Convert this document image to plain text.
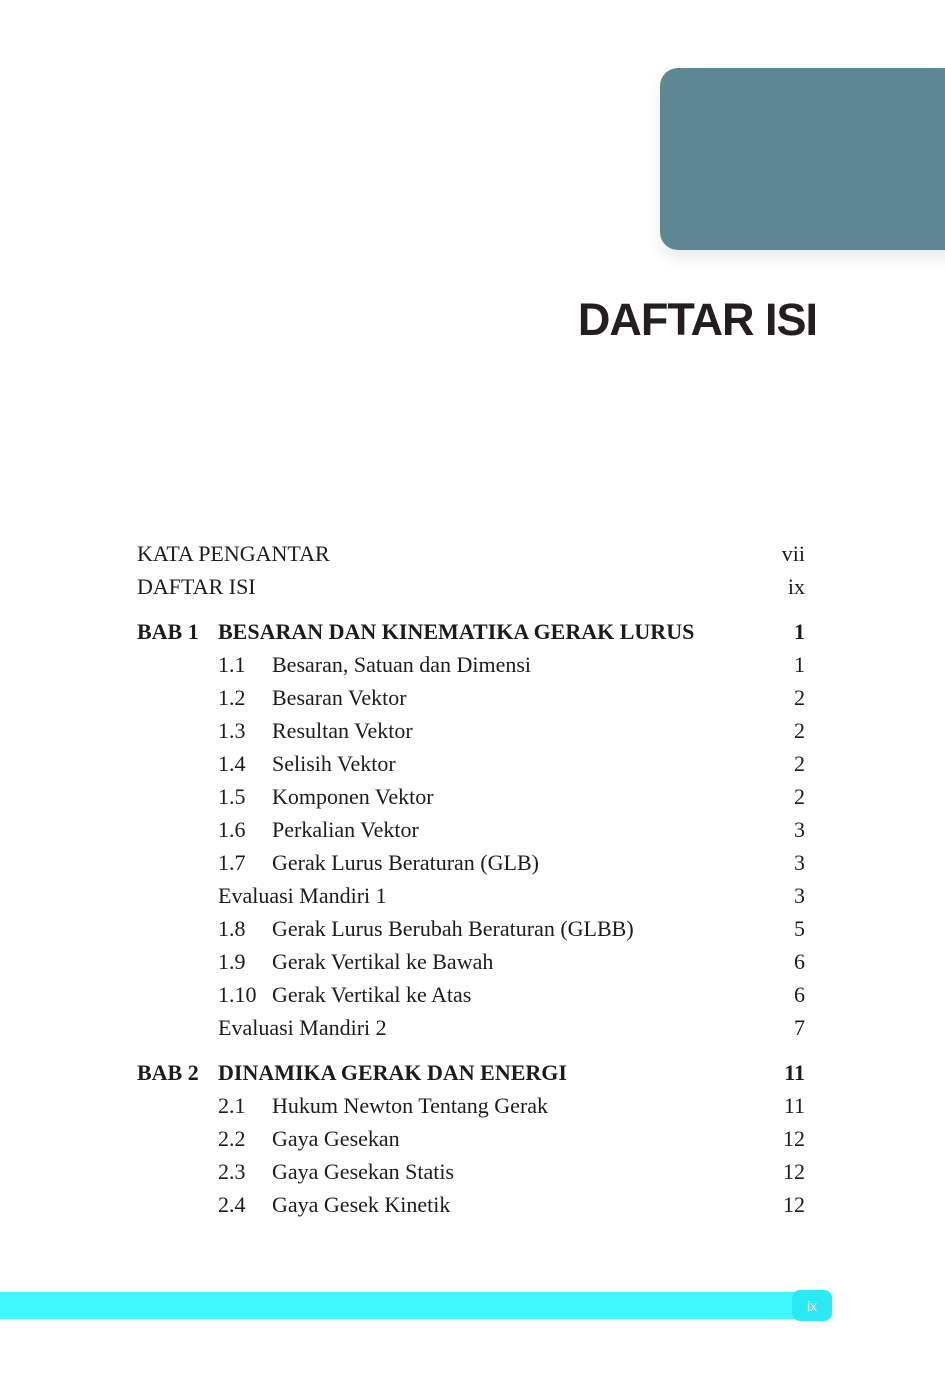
DAFTAR ISI
KATA PENGANTAR	vii
DAFTAR ISI	ix
BAB 1 BESARAN DAN KINEMATIKA GERAK LURUS	1
1.1	Besaran, Satuan dan Dimensi	1
1.2	Besaran Vektor	2
1.3	Resultan Vektor	2
1.4	Selisih Vektor	2
1.5	Komponen Vektor	2
1.6	Perkalian Vektor	3
1.7	Gerak Lurus Beraturan (GLB)	3
Evaluasi Mandiri 1	3
1.8	Gerak Lurus Berubah Beraturan (GLBB)	5
1.9	Gerak Vertikal ke Bawah	6
1.10 Gerak Vertikal ke Atas	6
Evaluasi Mandiri 2	7
BAB 2 DINAMIKA GERAK DAN ENERGI	11
2.1	Hukum Newton Tentang Gerak	11
2.2	Gaya Gesekan	12
2.3	Gaya Gesekan Statis	12
2.4	Gaya Gesek Kinetik	12
ix
